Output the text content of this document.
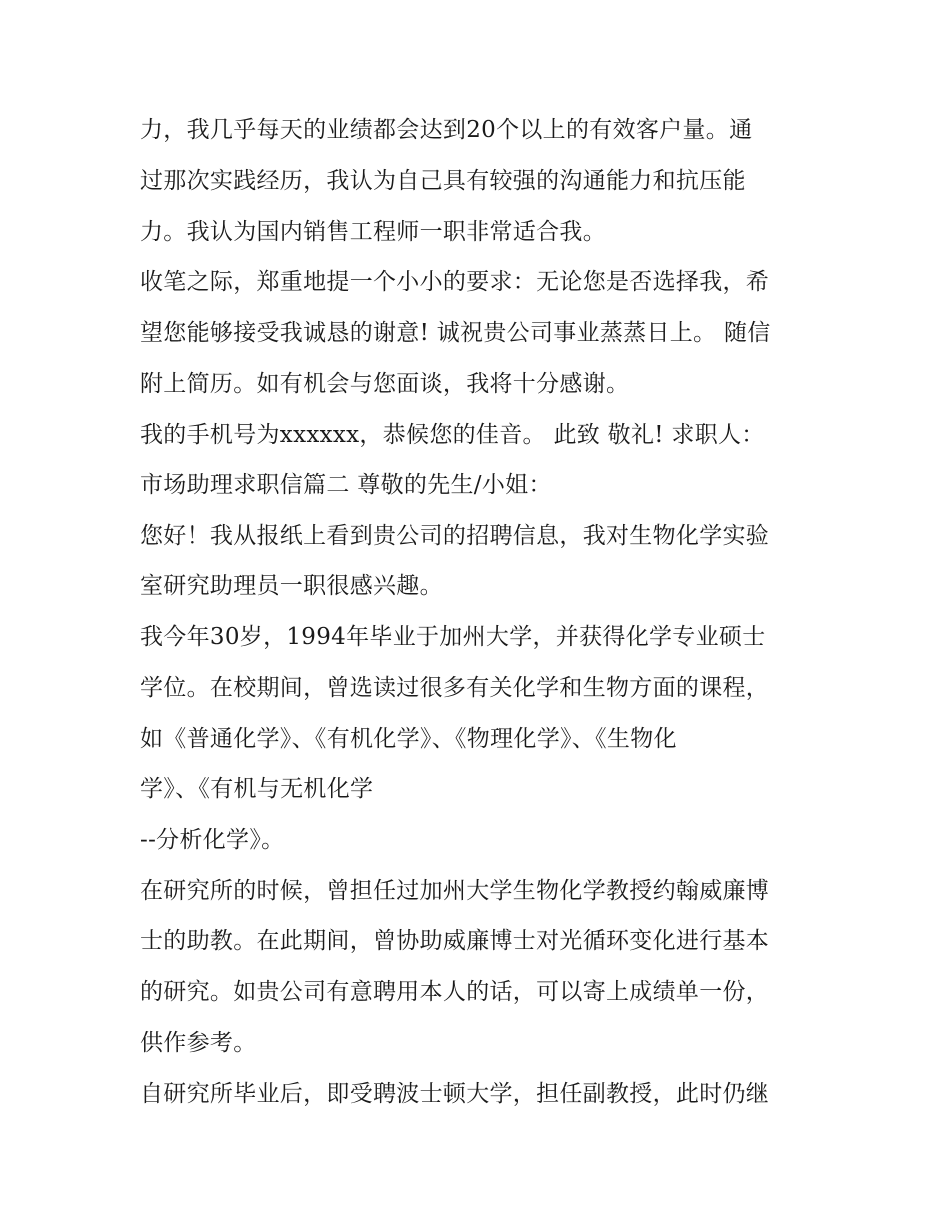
力，我几乎每天的业绩都会达到20个以上的有效客户量。通

过那次实践经历，我认为自己具有较强的沟通能力和抗压能

力。我认为国内销售工程师一职非常适合我。

收笔之际，郑重地提一个小小的要求：无论您是否选择我，希

望您能够接受我诚恳的谢意! 诚祝贵公司事业蒸蒸日上。 随信

附上简历。如有机会与您面谈，我将十分感谢。

我的手机号为xxxxxx，恭候您的佳音。 此致 敬礼! 求职人：

市场助理求职信篇二 尊敬的先生/小姐：

您好！我从报纸上看到贵公司的招聘信息，我对生物化学实验

室研究助理员一职很感兴趣。

我今年30岁，1994年毕业于加州大学，并获得化学专业硕士

学位。在校期间，曾选读过很多有关化学和生物方面的课程，

如《普通化学》、《有机化学》、《物理化学》、《生物化

学》、《有机与无机化学

--分析化学》。

在研究所的时候，曾担任过加州大学生物化学教授约翰威廉博

士的助教。在此期间，曾协助威廉博士对光循环变化进行基本

的研究。如贵公司有意聘用本人的话，可以寄上成绩单一份，

供作参考。

自研究所毕业后，即受聘波士顿大学，担任副教授，此时仍继
